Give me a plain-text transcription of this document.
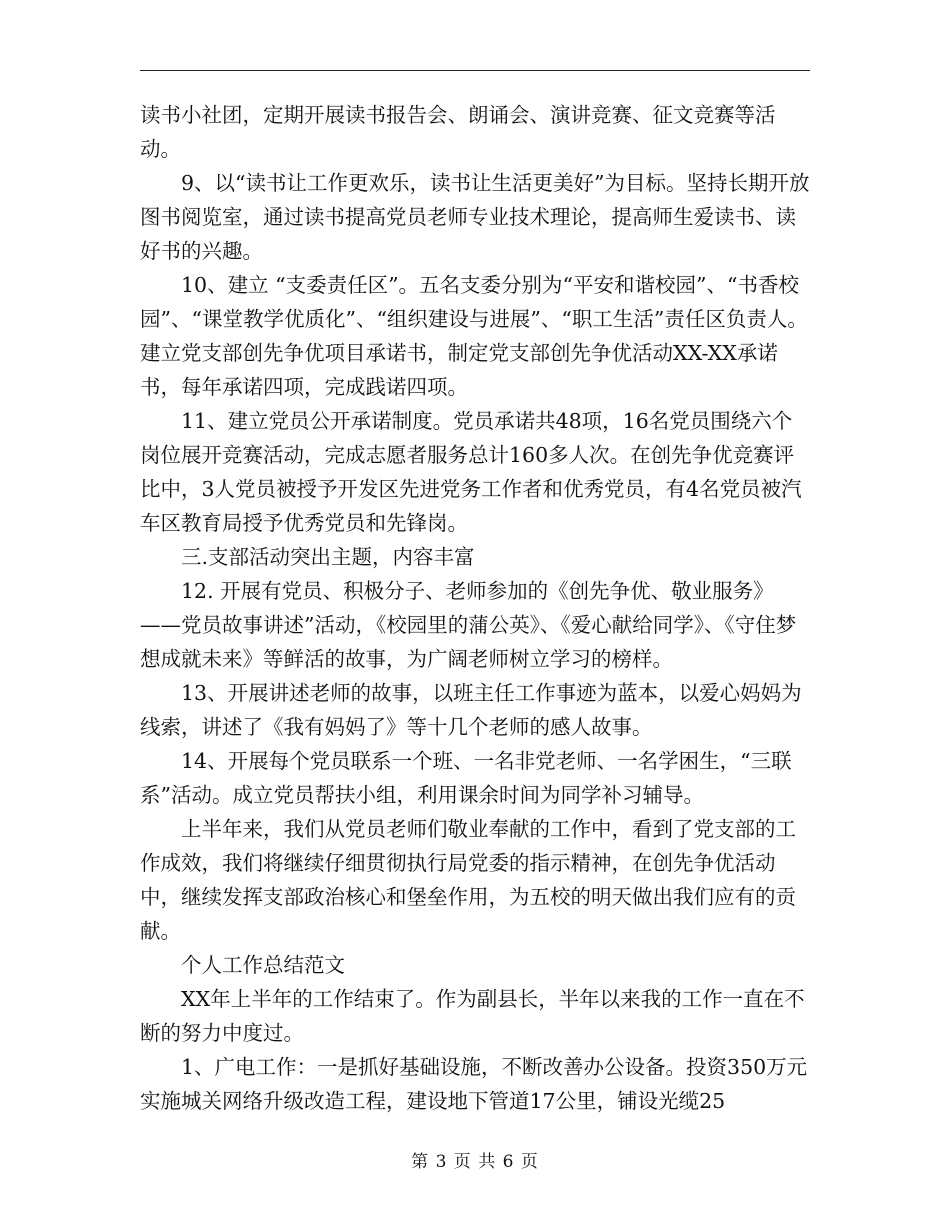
读书小社团，定期开展读书报告会、朗诵会、演讲竞赛、征文竞赛等活动。

9、以“读书让工作更欢乐，读书让生活更美好”为目标。坚持长期开放图书阅览室，通过读书提高党员老师专业技术理论，提高师生爱读书、读好书的兴趣。

10、建立 “支委责任区”。五名支委分别为“平安和谐校园”、“书香校园”、“课堂教学优质化”、“组织建设与进展”、“职工生活”责任区负责人。建立党支部创先争优项目承诺书，制定党支部创先争优活动XX-XX承诺书，每年承诺四项，完成践诺四项。

11、建立党员公开承诺制度。党员承诺共48项，16名党员围绕六个岗位展开竞赛活动，完成志愿者服务总计160多人次。在创先争优竞赛评比中，3人党员被授予开发区先进党务工作者和优秀党员，有4名党员被汽车区教育局授予优秀党员和先锋岗。

三.支部活动突出主题，内容丰富

12. 开展有党员、积极分子、老师参加的《创先争优、敬业服务》——党员故事讲述”活动，《校园里的蒲公英》、《爱心献给同学》、《守住梦想成就未来》等鲜活的故事，为广阔老师树立学习的榜样。

13、开展讲述老师的故事，以班主任工作事迹为蓝本，以爱心妈妈为线索，讲述了《我有妈妈了》等十几个老师的感人故事。

14、开展每个党员联系一个班、一名非党老师、一名学困生，“三联系”活动。成立党员帮扶小组，利用课余时间为同学补习辅导。

上半年来，我们从党员老师们敬业奉献的工作中，看到了党支部的工作成效，我们将继续仔细贯彻执行局党委的指示精神，在创先争优活动中，继续发挥支部政治核心和堡垒作用，为五校的明天做出我们应有的贡献。

个人工作总结范文

XX年上半年的工作结束了。作为副县长，半年以来我的工作一直在不断的努力中度过。

1、广电工作：一是抓好基础设施，不断改善办公设备。投资350万元实施城关网络升级改造工程，建设地下管道17公里，铺设光缆25

第 3 页 共 6 页
